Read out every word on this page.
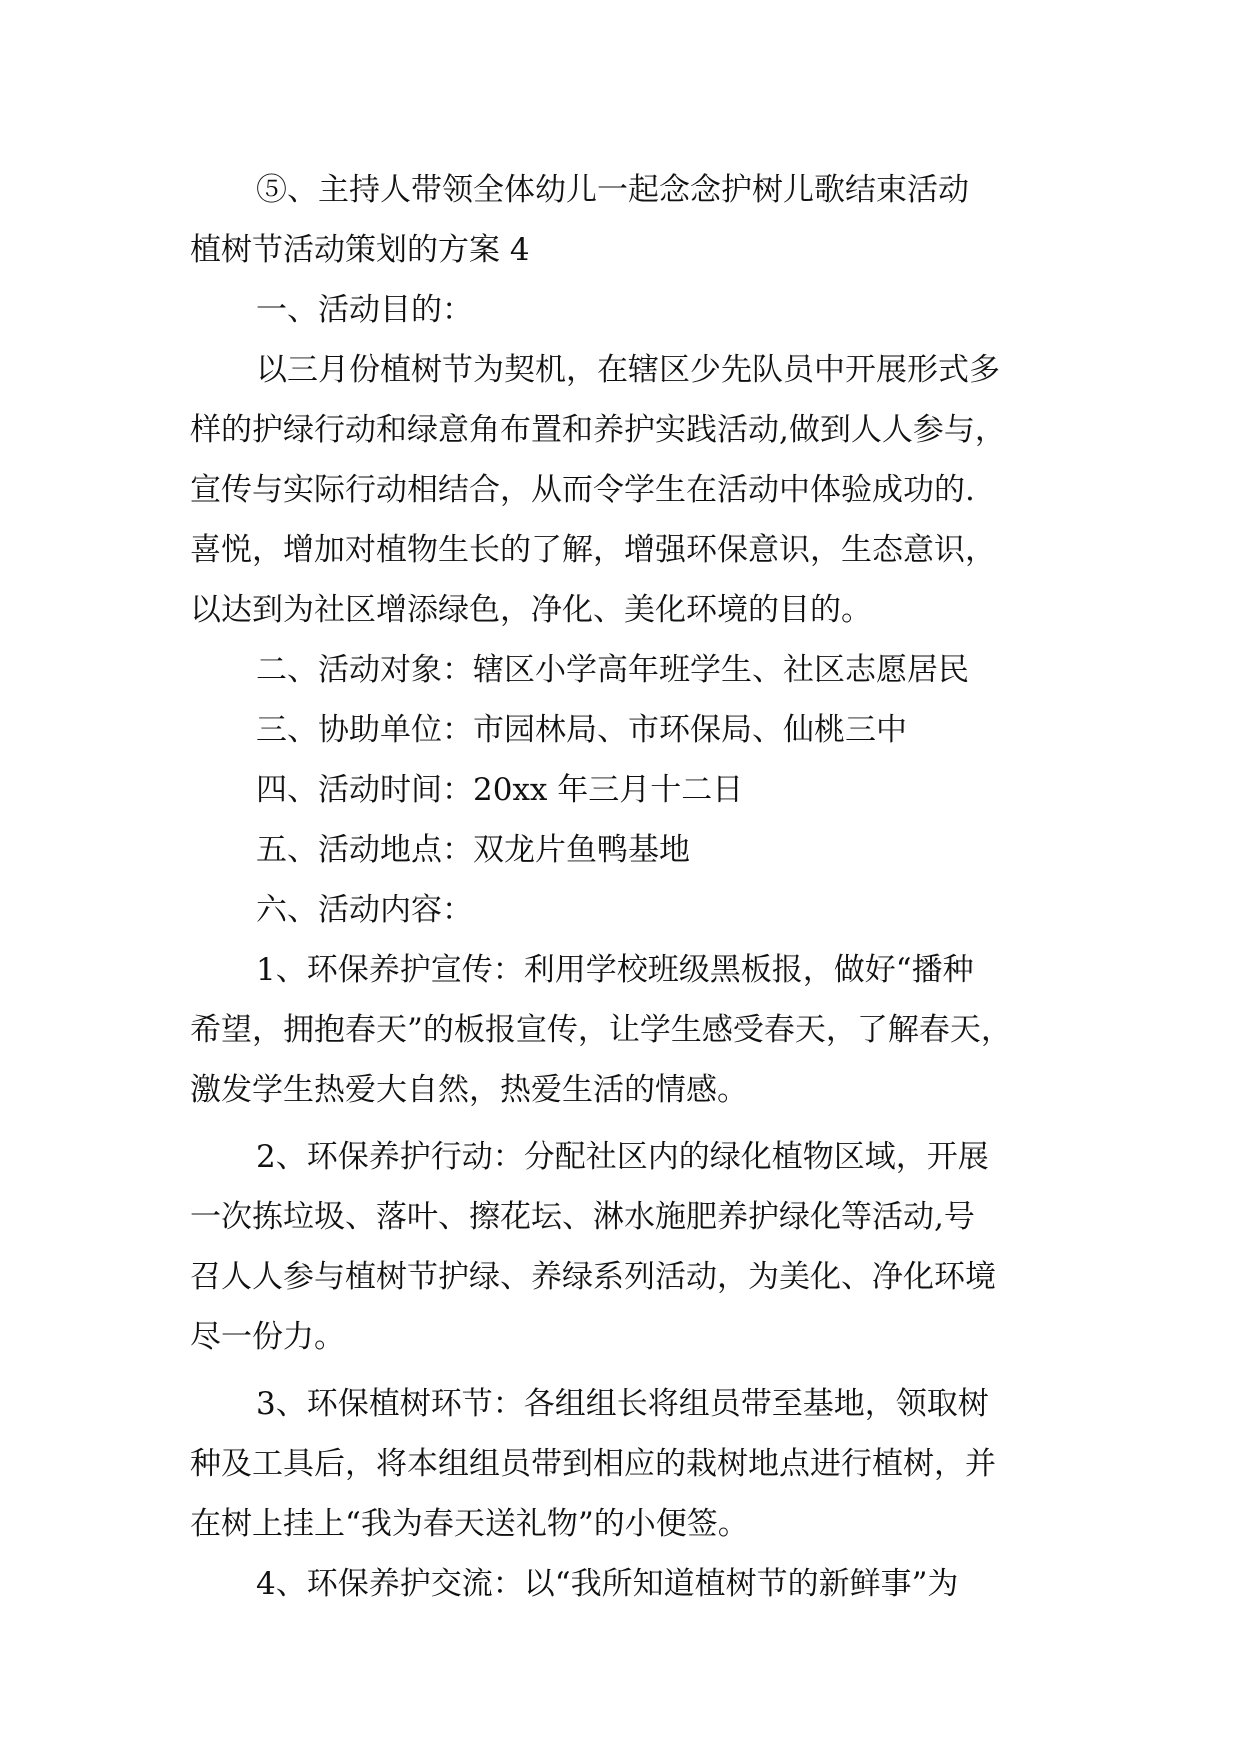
⑤、主持人带领全体幼儿一起念念护树儿歌结束活动
植树节活动策划的方案 4
一、活动目的：
以三月份植树节为契机，在辖区少先队员中开展形式多
样的护绿行动和绿意角布置和养护实践活动,做到人人参与，
宣传与实际行动相结合，从而令学生在活动中体验成功的.
喜悦，增加对植物生长的了解，增强环保意识，生态意识，
以达到为社区增添绿色，净化、美化环境的目的。
二、活动对象：辖区小学高年班学生、社区志愿居民
三、协助单位：市园林局、市环保局、仙桃三中
四、活动时间：20xx 年三月十二日
五、活动地点：双龙片鱼鸭基地
六、活动内容：
1、环保养护宣传：利用学校班级黑板报，做好“播种
希望，拥抱春天”的板报宣传，让学生感受春天，了解春天，
激发学生热爱大自然，热爱生活的情感。
2、环保养护行动：分配社区内的绿化植物区域，开展
一次拣垃圾、落叶、擦花坛、淋水施肥养护绿化等活动,号
召人人参与植树节护绿、养绿系列活动，为美化、净化环境
尽一份力。
3、环保植树环节：各组组长将组员带至基地，领取树
种及工具后，将本组组员带到相应的栽树地点进行植树，并
在树上挂上“我为春天送礼物”的小便签。
4、环保养护交流：以“我所知道植树节的新鲜事”为
